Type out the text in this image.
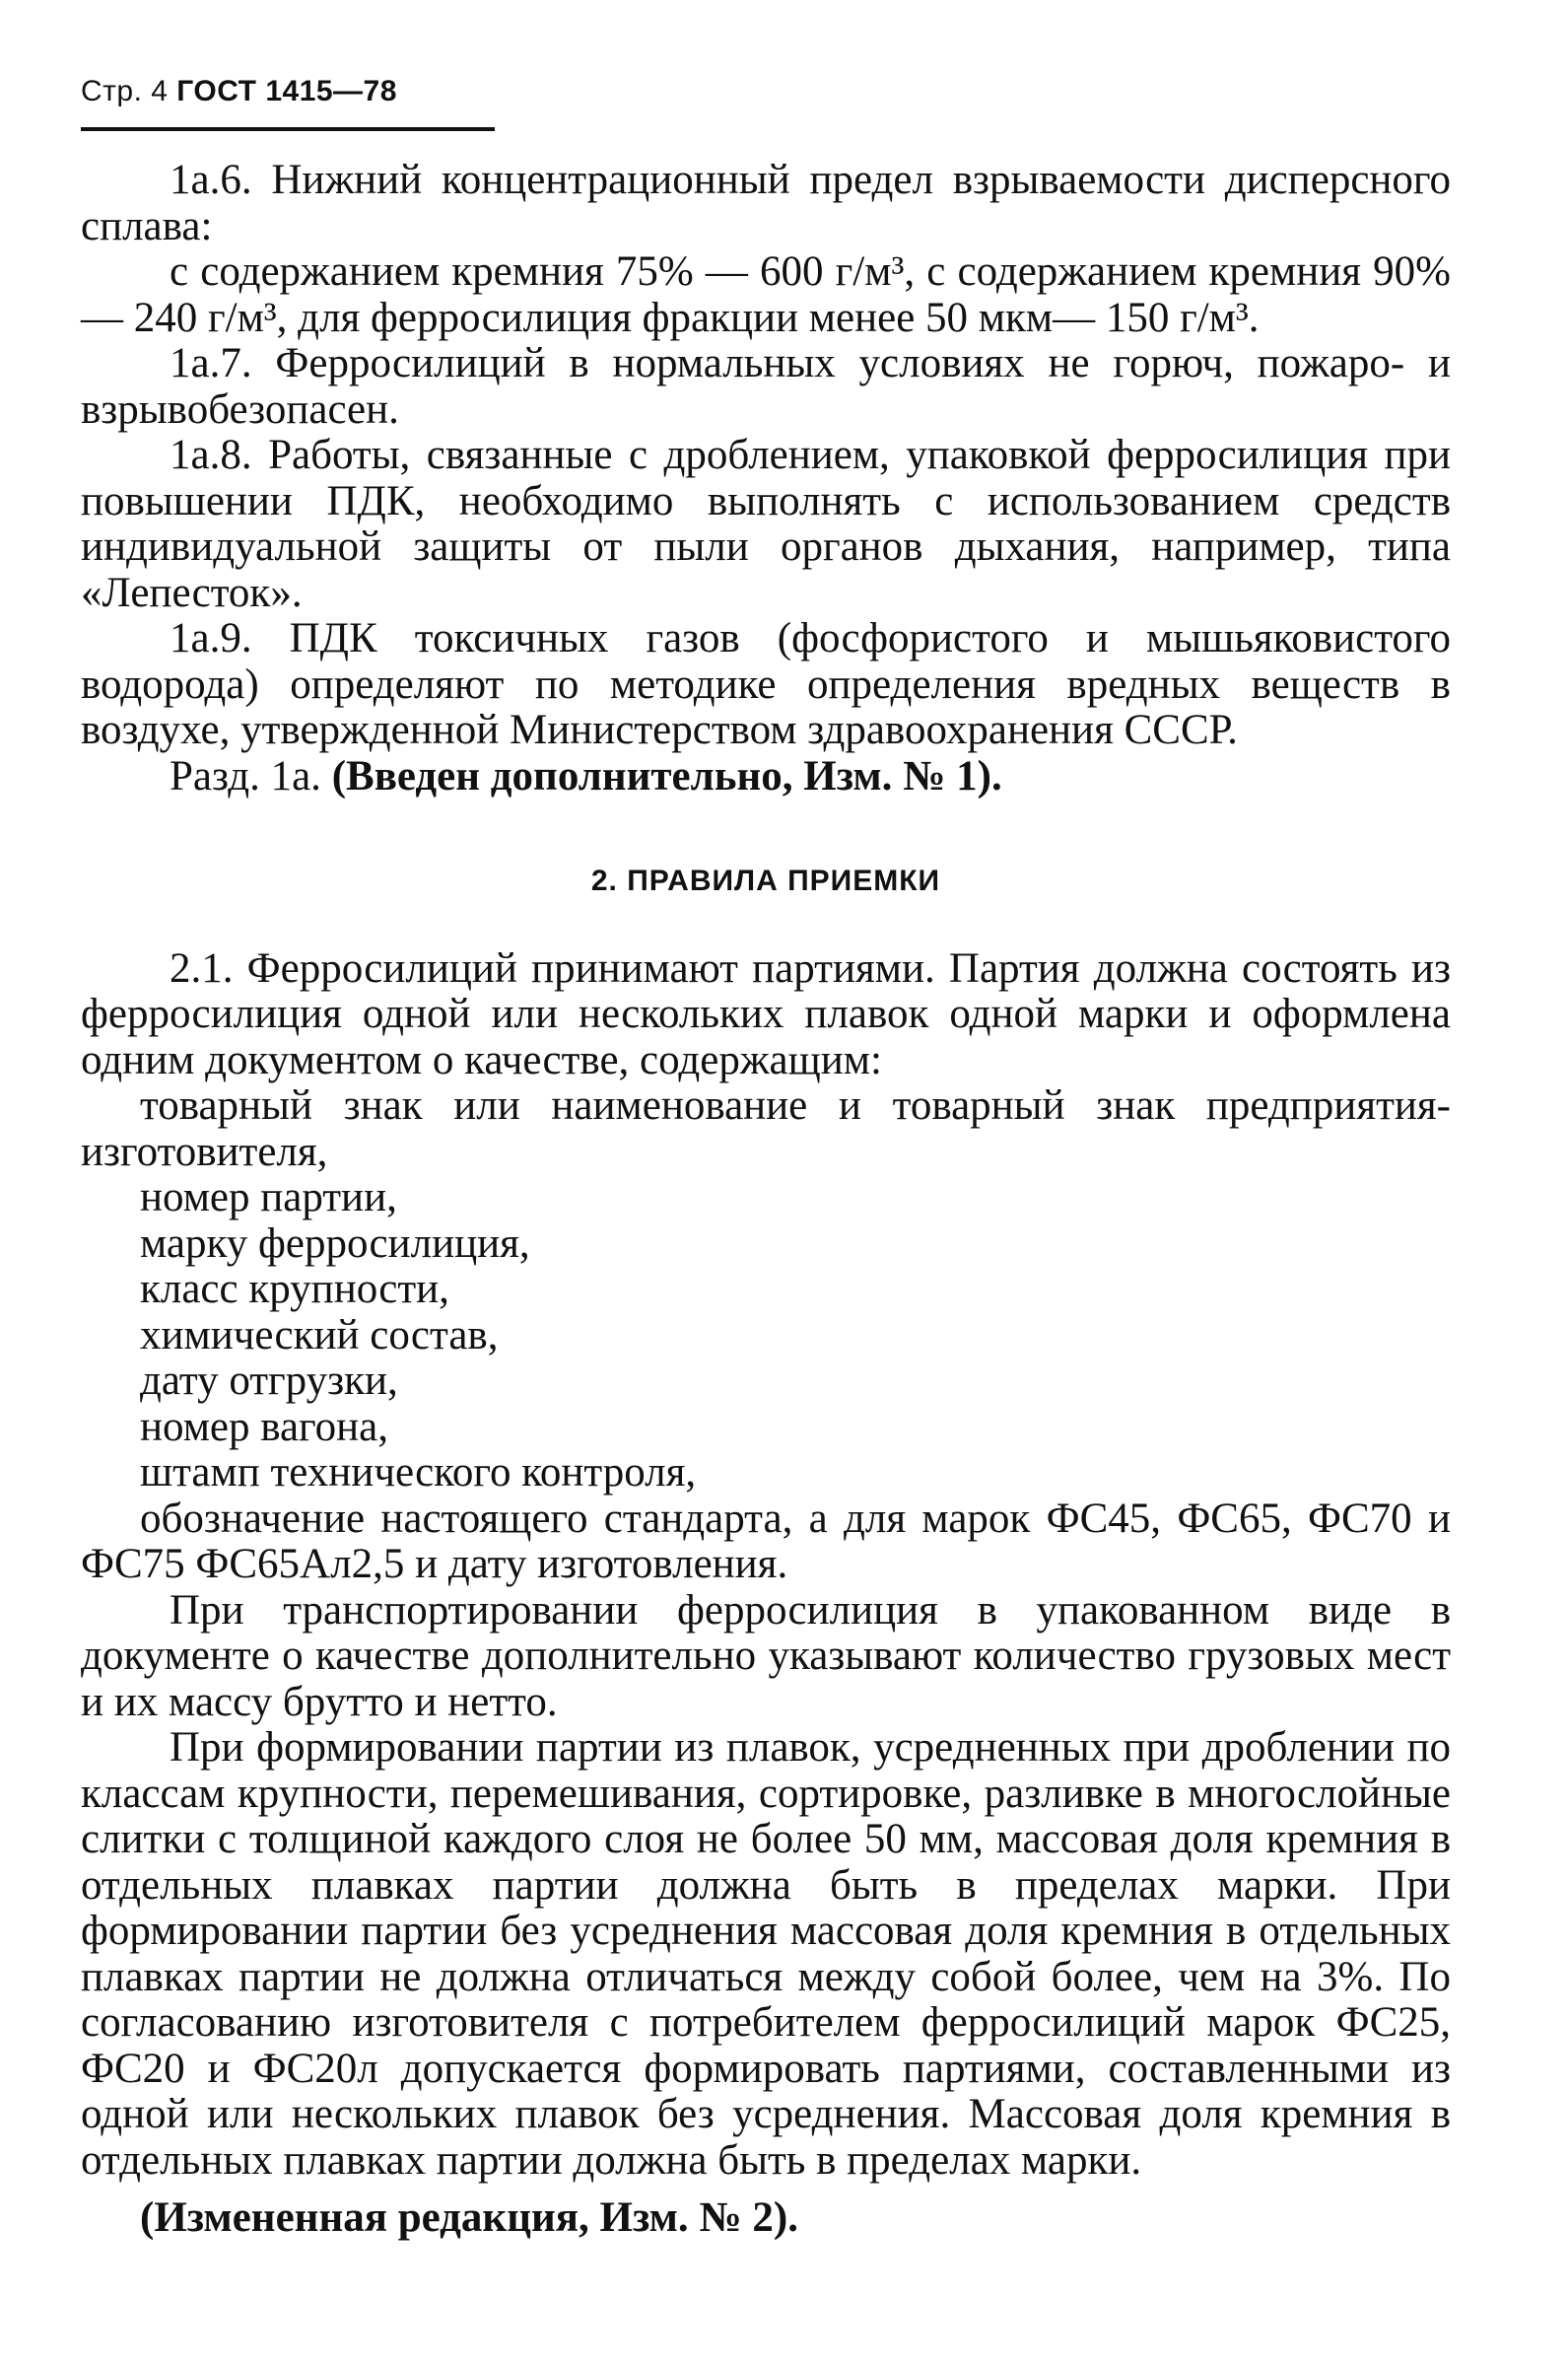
Стр. 4 ГОСТ 1415—78

1а.6. Нижний концентрационный предел взрываемости дисперсного сплава:

с содержанием кремния 75% — 600 г/м³, с содержанием кремния 90% — 240 г/м³, для ферросилиция фракции менее 50 мкм— 150 г/м³.

1а.7. Ферросилиций в нормальных условиях не горюч, пожаро- и взрывобезопасен.

1а.8. Работы, связанные с дроблением, упаковкой ферросилиция при повышении ПДК, необходимо выполнять с использованием средств индивидуальной защиты от пыли органов дыхания, например, типа «Лепесток».

1а.9. ПДК токсичных газов (фосфористого и мышьяковистого водорода) определяют по методике определения вредных веществ в воздухе, утвержденной Министерством здравоохранения СССР.

Разд. 1а. (Введен дополнительно, Изм. № 1).

2. ПРАВИЛА ПРИЕМКИ

2.1. Ферросилиций принимают партиями. Партия должна состоять из ферросилиция одной или нескольких плавок одной марки и оформлена одним документом о качестве, содержащим:

товарный знак или наименование и товарный знак предприятия-изготовителя,

номер партии,

марку ферросилиция,

класс крупности,

химический состав,

дату отгрузки,

номер вагона,

штамп технического контроля,

обозначение настоящего стандарта, а для марок ФС45, ФС65, ФС70 и ФС75 ФС65Ал2,5 и дату изготовления.

При транспортировании ферросилиция в упакованном виде в документе о качестве дополнительно указывают количество грузовых мест и их массу брутто и нетто.

При формировании партии из плавок, усредненных при дроблении по классам крупности, перемешивания, сортировке, разливке в многослойные слитки с толщиной каждого слоя не более 50 мм, массовая доля кремния в отдельных плавках партии должна быть в пределах марки. При формировании партии без усреднения массовая доля кремния в отдельных плавках партии не должна отличаться между собой более, чем на 3%. По согласованию изготовителя с потребителем ферросилиций марок ФС25, ФС20 и ФС20л допускается формировать партиями, составленными из одной или нескольких плавок без усреднения. Массовая доля кремния в отдельных плавках партии должна быть в пределах марки.

(Измененная редакция, Изм. № 2).
